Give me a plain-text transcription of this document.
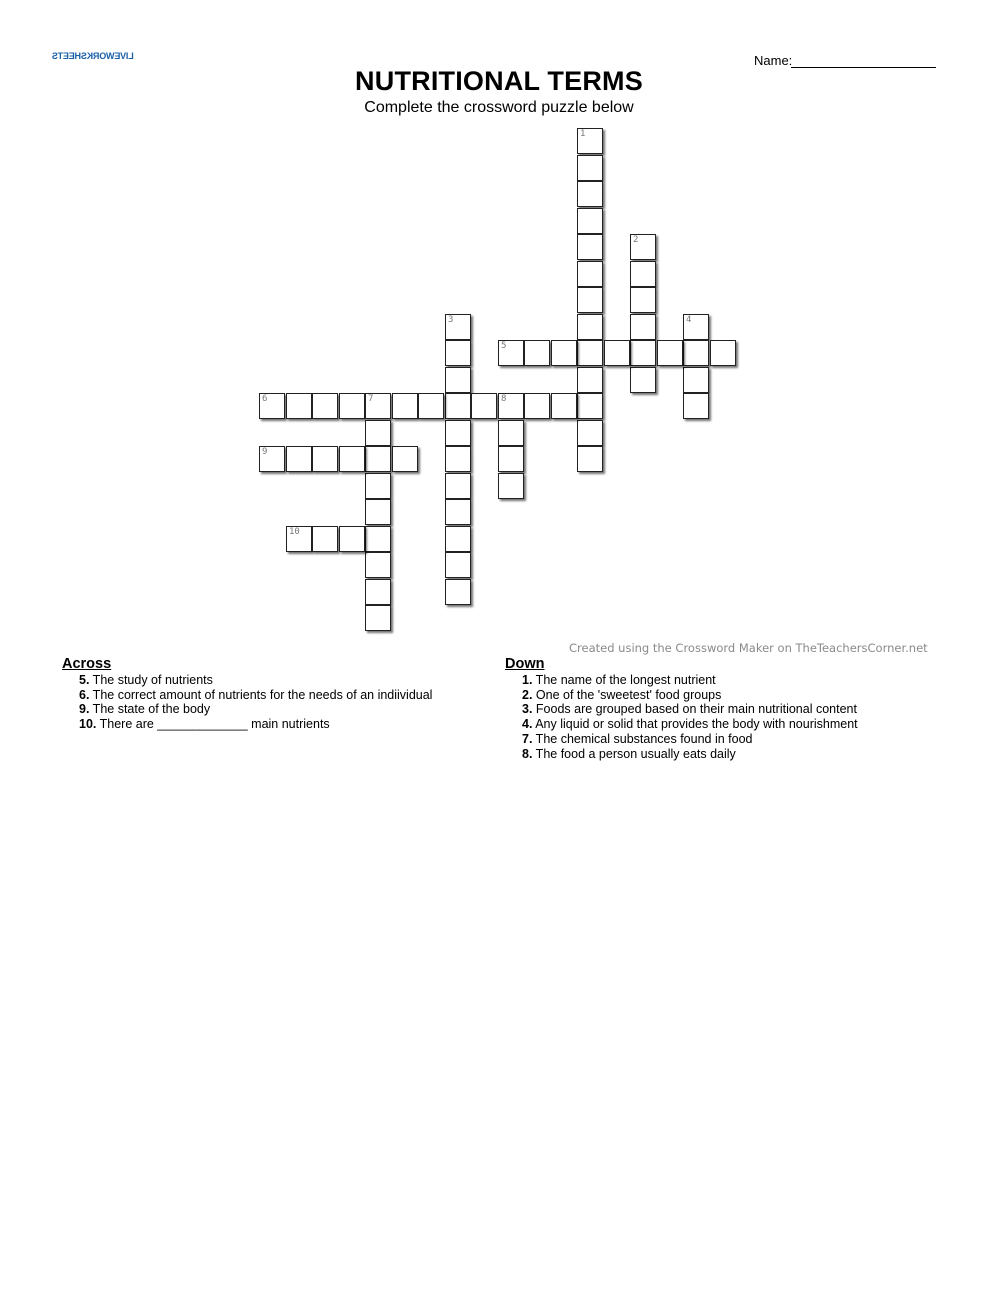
LIVEWORKSHEETS	Name:
NUTRITIONAL TERMS
Complete the crossword puzzle below
1
2
3	4
5
6	7	8
9
10
Created using the Crossword Maker on TheTeachersCorner.net
Across
5. The study of nutrients
6. The correct amount of nutrients for the needs of an indiividual
9. The state of the body
10. There are _____________ main nutrients
Down
1. The name of the longest nutrient
2. One of the 'sweetest' food groups
3. Foods are grouped based on their main nutritional content
4. Any liquid or solid that provides the body with nourishment
7. The chemical substances found in food
8. The food a person usually eats daily
